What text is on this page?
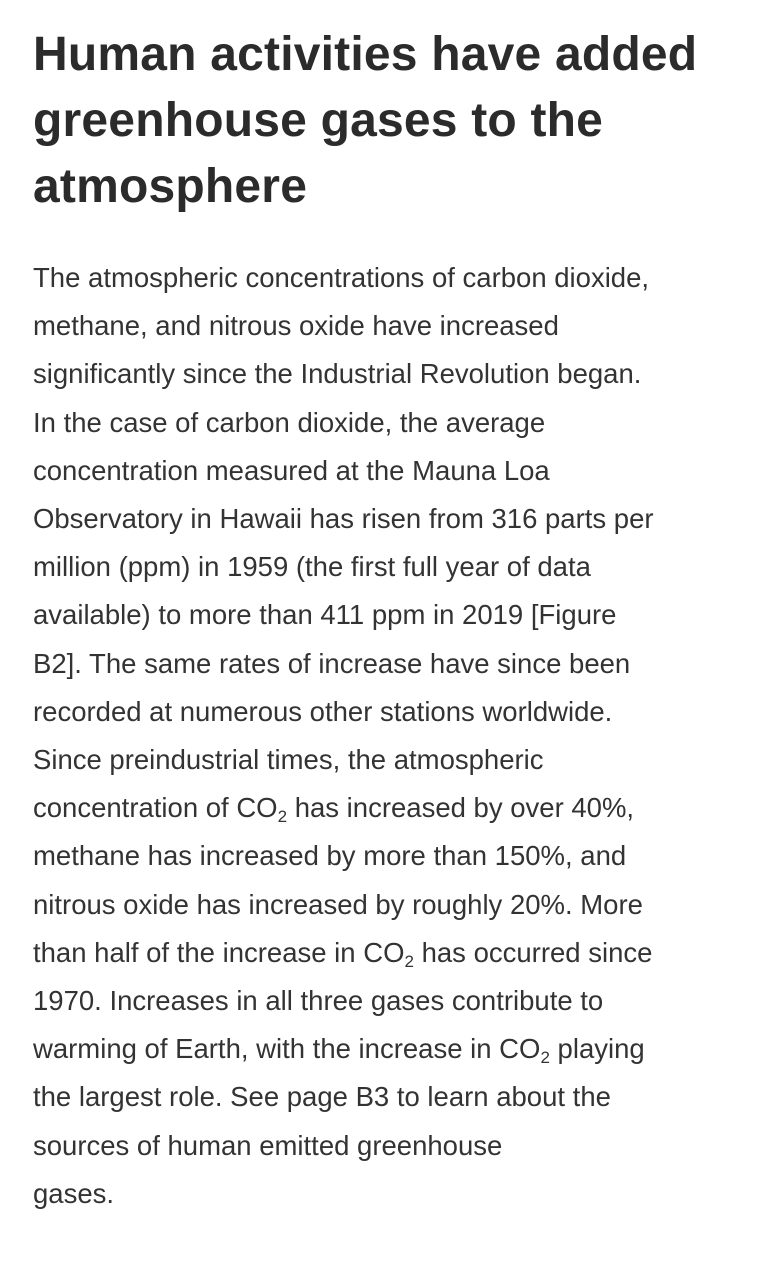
Human activities have added greenhouse gases to the atmosphere
The atmospheric concentrations of carbon dioxide,
methane, and nitrous oxide have increased
significantly since the Industrial Revolution began.
In the case of carbon dioxide, the average
concentration measured at the Mauna Loa
Observatory in Hawaii has risen from 316 parts per
million (ppm) in 1959 (the first full year of data
available) to more than 411 ppm in 2019 [Figure
B2]. The same rates of increase have since been
recorded at numerous other stations worldwide.
Since preindustrial times, the atmospheric
concentration of $CO_2$ has increased by over 40%,
methane has increased by more than 150%, and
nitrous oxide has increased by roughly 20%. More
than half of the increase in $CO_2$ has occurred since
1970. Increases in all three gases contribute to
warming of Earth, with the increase in $CO_2$ playing
the largest role. See page B3 to learn about the
sources of human emitted greenhouse
gases.
